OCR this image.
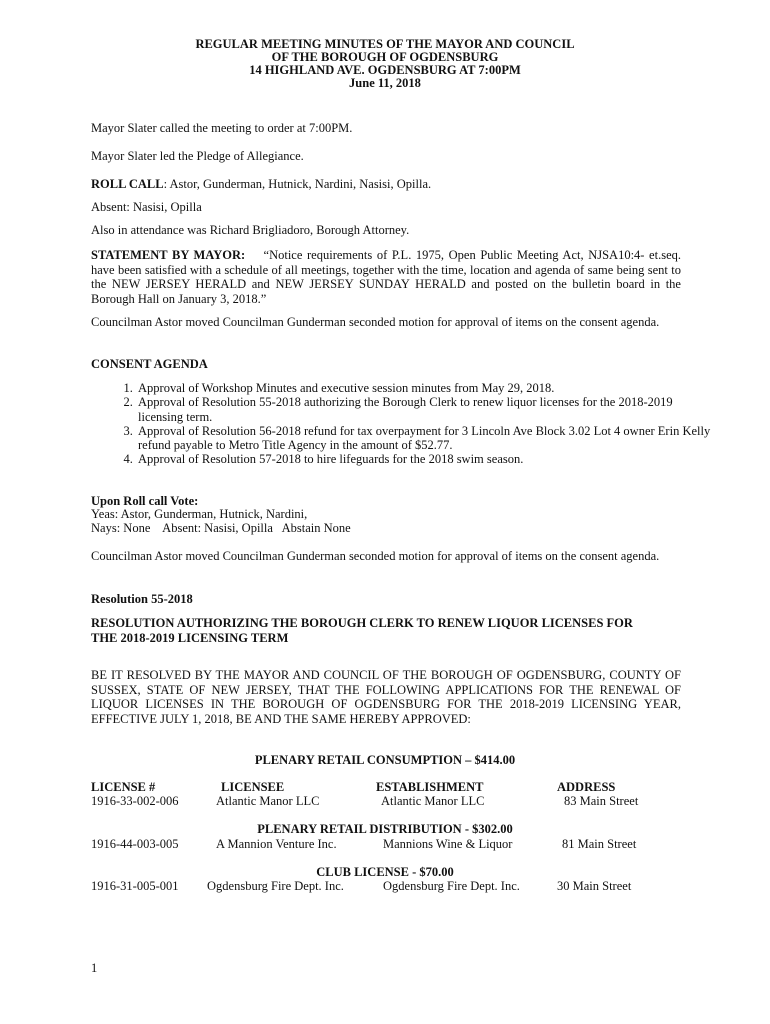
REGULAR MEETING MINUTES OF THE MAYOR AND COUNCIL
OF THE BOROUGH OF OGDENSBURG
14 HIGHLAND AVE. OGDENSBURG AT 7:00PM
June 11, 2018

Mayor Slater called the meeting to order at 7:00PM.

Mayor Slater led the Pledge of Allegiance.

ROLL CALL: Astor, Gunderman, Hutnick, Nardini, Nasisi, Opilla.

Absent: Nasisi, Opilla

Also in attendance was Richard Brigliadoro, Borough Attorney.

STATEMENT BY MAYOR:    “Notice requirements of P.L. 1975, Open Public Meeting Act, NJSA10:4- et.seq. have been satisfied with a schedule of all meetings, together with the time, location and agenda of same being sent to the NEW JERSEY HERALD and NEW JERSEY SUNDAY HERALD and posted on the bulletin board in the Borough Hall on January 3, 2018.”

Councilman Astor moved Councilman Gunderman seconded motion for approval of items on the consent agenda.

CONSENT AGENDA

1. Approval of Workshop Minutes and executive session minutes from May 29, 2018.
2. Approval of Resolution 55-2018 authorizing the Borough Clerk to renew liquor licenses for the 2018-2019 licensing term.
3. Approval of Resolution 56-2018 refund for tax overpayment for 3 Lincoln Ave Block 3.02 Lot 4 owner Erin Kelly refund payable to Metro Title Agency in the amount of $52.77.
4. Approval of Resolution 57-2018 to hire lifeguards for the 2018 swim season.

Upon Roll call Vote:

Yeas: Astor, Gunderman, Hutnick, Nardini,

Nays: None    Absent: Nasisi, Opilla   Abstain None

Councilman Astor moved Councilman Gunderman seconded motion for approval of items on the consent agenda.

Resolution 55-2018

RESOLUTION AUTHORIZING THE BOROUGH CLERK TO RENEW LIQUOR LICENSES FOR THE 2018-2019 LICENSING TERM

BE IT RESOLVED BY THE MAYOR AND COUNCIL OF THE BOROUGH OF OGDENSBURG, COUNTY OF SUSSEX, STATE OF NEW JERSEY, THAT THE FOLLOWING APPLICATIONS FOR THE RENEWAL OF LIQUOR LICENSES IN THE BOROUGH OF OGDENSBURG FOR THE 2018-2019 LICENSING YEAR, EFFECTIVE JULY 1, 2018, BE AND THE SAME HEREBY APPROVED:

PLENARY RETAIL CONSUMPTION – $414.00
LICENSE #	LICENSEE	ESTABLISHMENT	ADDRESS
1916-33-002-006	Atlantic Manor LLC	Atlantic Manor LLC	83 Main Street
PLENARY RETAIL DISTRIBUTION - $302.00
1916-44-003-005	A Mannion Venture Inc.	Mannions Wine & Liquor	81 Main Street
CLUB LICENSE - $70.00
1916-31-005-001 Ogdensburg Fire Dept. Inc.	Ogdensburg Fire Dept. Inc.	30 Main Street
1
